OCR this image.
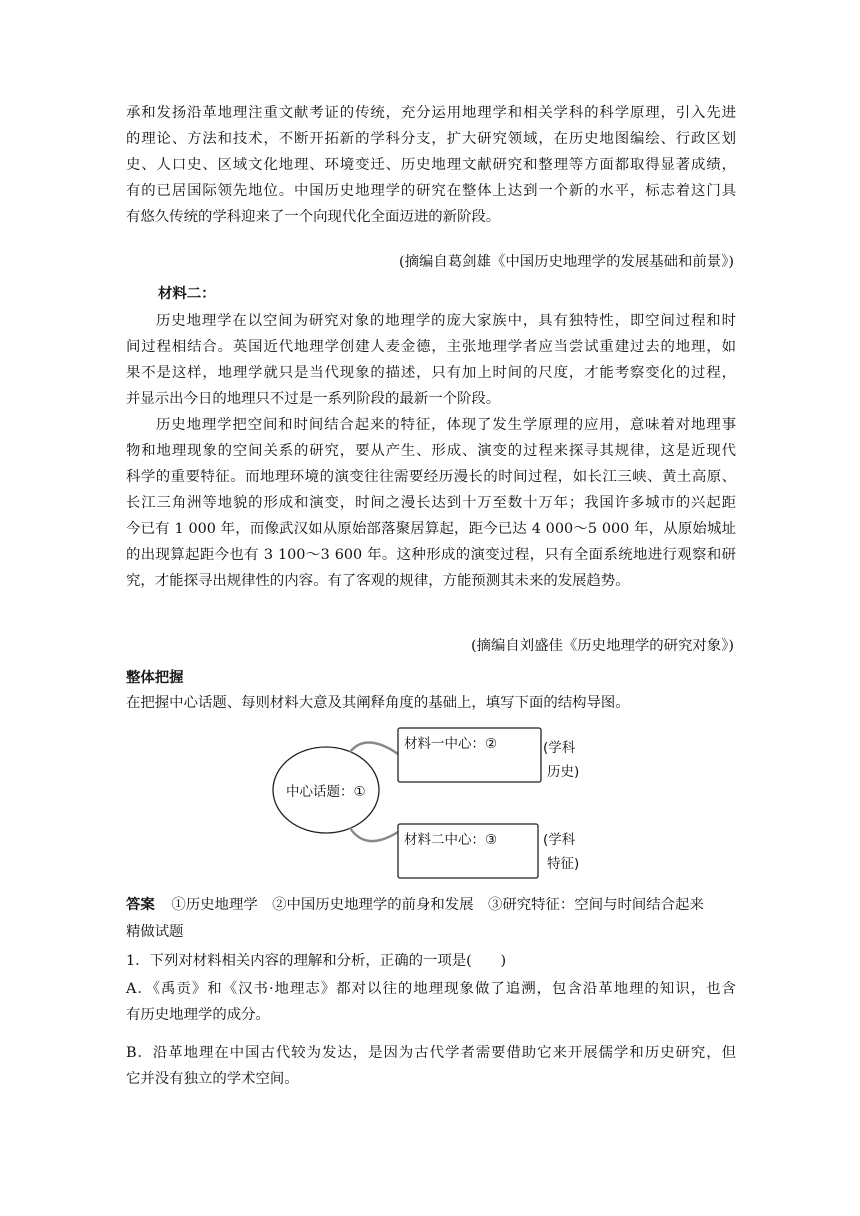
承和发扬沿革地理注重文献考证的传统，充分运用地理学和相关学科的科学原理，引入先进
的理论、方法和技术，不断开拓新的学科分支，扩大研究领域，在历史地图编绘、行政区划
史、人口史、区域文化地理、环境变迁、历史地理文献研究和整理等方面都取得显著成绩，
有的已居国际领先地位。中国历史地理学的研究在整体上达到一个新的水平，标志着这门具
有悠久传统的学科迎来了一个向现代化全面迈进的新阶段。
(摘编自葛剑雄《中国历史地理学的发展基础和前景》)
材料二：
历史地理学在以空间为研究对象的地理学的庞大家族中，具有独特性，即空间过程和时
间过程相结合。英国近代地理学创建人麦金德，主张地理学者应当尝试重建过去的地理，如
果不是这样，地理学就只是当代现象的描述，只有加上时间的尺度，才能考察变化的过程，
并显示出今日的地理只不过是一系列阶段的最新一个阶段。
历史地理学把空间和时间结合起来的特征，体现了发生学原理的应用，意味着对地理事
物和地理现象的空间关系的研究，要从产生、形成、演变的过程来探寻其规律，这是近现代
科学的重要特征。而地理环境的演变往往需要经历漫长的时间过程，如长江三峡、黄土高原、
长江三角洲等地貌的形成和演变，时间之漫长达到十万至数十万年；我国许多城市的兴起距
今已有 1 000 年，而像武汉如从原始部落聚居算起，距今已达 4 000～5 000 年，从原始城址
的出现算起距今也有 3 100～3 600 年。这种形成的演变过程，只有全面系统地进行观察和研
究，才能探寻出规律性的内容。有了客观的规律，方能预测其未来的发展趋势。
(摘编自刘盛佳《历史地理学的研究对象》)
整体把握
在把握中心话题、每则材料大意及其阐释角度的基础上，填写下面的结构导图。
中心话题：①
材料一中心：②
材料二中心：③
(学科
历史)
(学科
特征)
答案 ①历史地理学　②中国历史地理学的前身和发展　③研究特征：空间与时间结合起来
精做试题
1．下列对材料相关内容的理解和分析，正确的一项是(　　)
A．《禹贡》和《汉书·地理志》都对以往的地理现象做了追溯，包含沿革地理的知识，也含
有历史地理学的成分。
B．沿革地理在中国古代较为发达，是因为古代学者需要借助它来开展儒学和历史研究，但
它并没有独立的学术空间。
